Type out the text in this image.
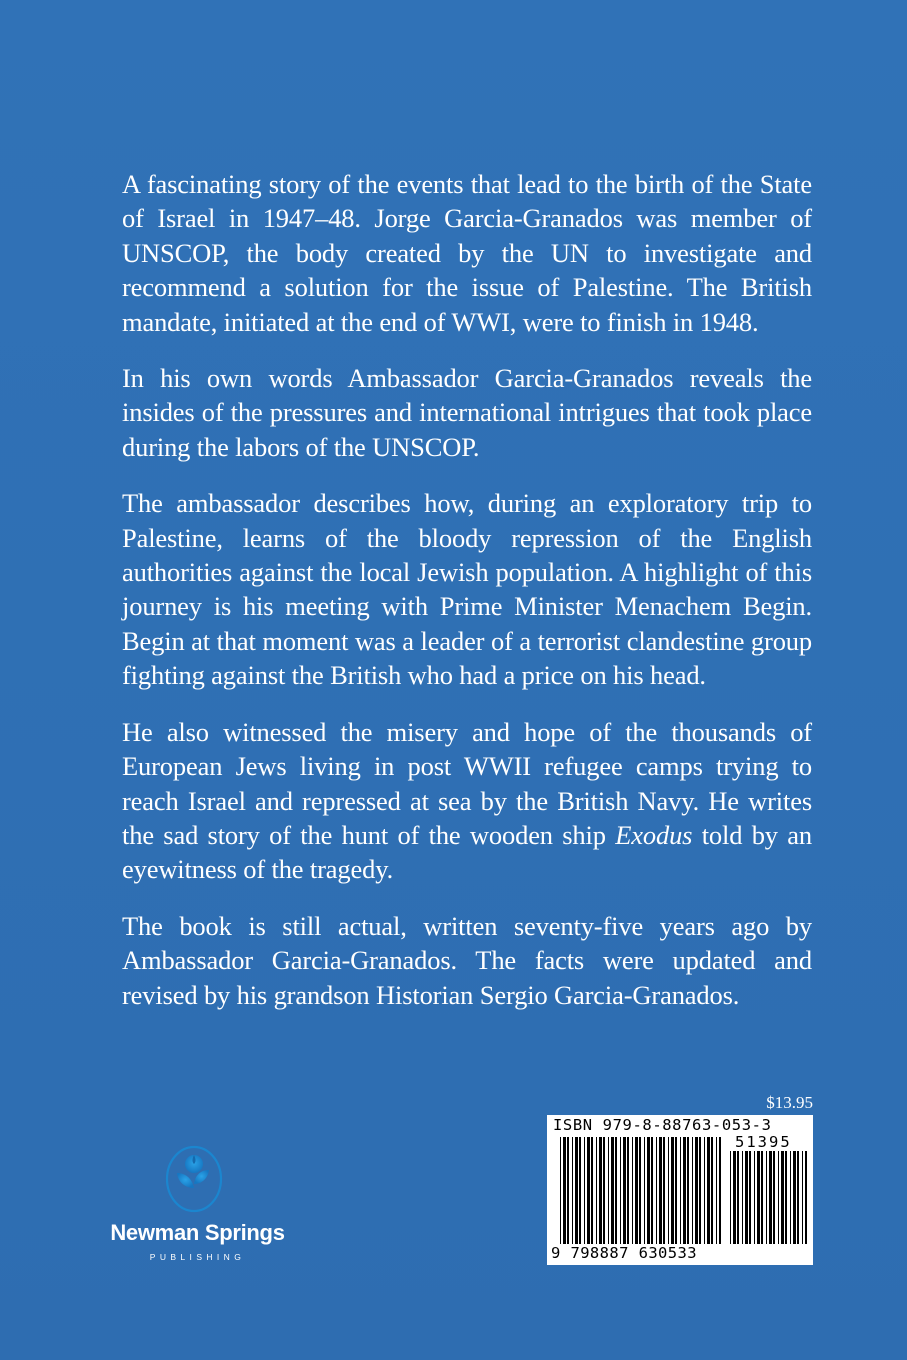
A fascinating story of the events that lead to the birth of the State of Israel in 1947–48. Jorge Garcia-Granados was member of UNSCOP, the body created by the UN to investigate and recommend a solution for the issue of Palestine. The British mandate, initiated at the end of WWI, were to finish in 1948.

In his own words Ambassador Garcia-Granados reveals the insides of the pressures and international intrigues that took place during the labors of the UNSCOP.

The ambassador describes how, during an exploratory trip to Palestine, learns of the bloody repression of the English authorities against the local Jewish population. A highlight of this journey is his meeting with Prime Minister Menachem Begin. Begin at that moment was a leader of a terrorist clandestine group fighting against the British who had a price on his head.

He also witnessed the misery and hope of the thousands of European Jews living in post WWII refugee camps trying to reach Israel and repressed at sea by the British Navy. He writes the sad story of the hunt of the wooden ship Exodus told by an eyewitness of the tragedy.

The book is still actual, written seventy-five years ago by Ambassador Garcia-Granados. The facts were updated and revised by his grandson Historian Sergio Garcia-Granados.

$13.95
ISBN 979-8-88763-053-3
51395
9 798887 630533
Newman Springs
PUBLISHING
